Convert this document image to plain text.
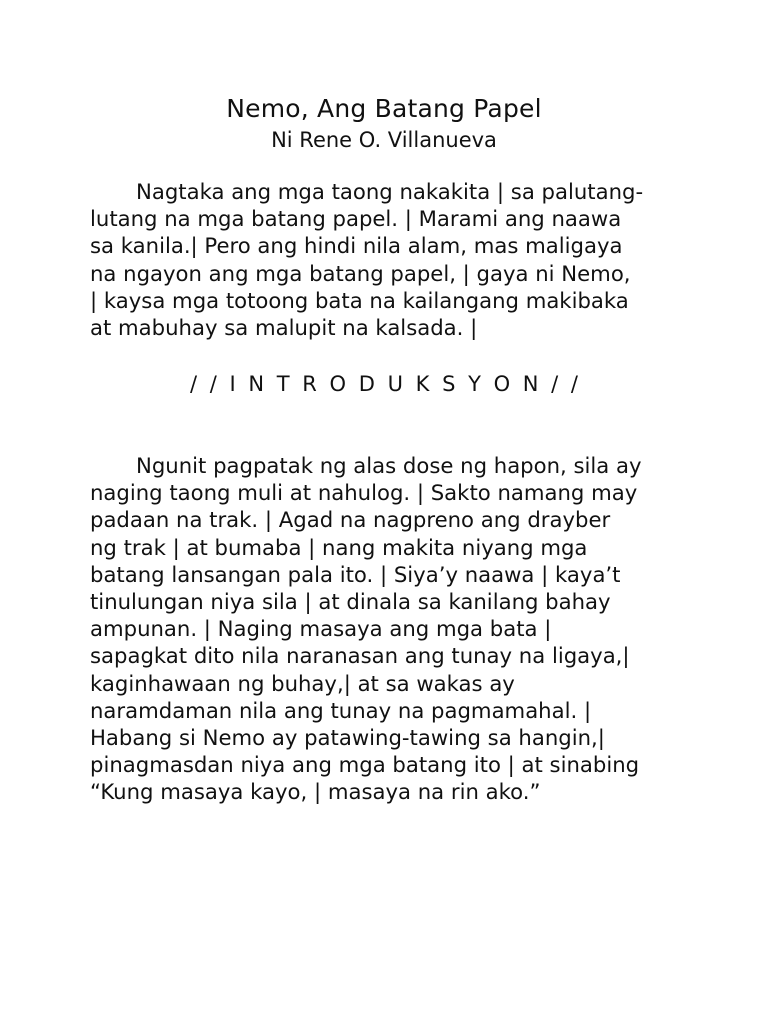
Nemo, Ang Batang Papel
Ni Rene O. Villanueva
Nagtaka ang mga taong nakakita | sa palutang-
lutang na mga batang papel. | Marami ang naawa
sa kanila.| Pero ang hindi nila alam, mas maligaya
na ngayon ang mga batang papel, | gaya ni Nemo,
| kaysa mga totoong bata na kailangang makibaka
at mabuhay sa malupit na kalsada. |
/ / I N T R O D U K S Y O N / /
Ngunit pagpatak ng alas dose ng hapon, sila ay
naging taong muli at nahulog. | Sakto namang may
padaan na trak. | Agad na nagpreno ang drayber
ng trak | at bumaba | nang makita niyang mga
batang lansangan pala ito. | Siya’y naawa | kaya’t
tinulungan niya sila | at dinala sa kanilang bahay
ampunan. | Naging masaya ang mga bata |
sapagkat dito nila naranasan ang tunay na ligaya,|
kaginhawaan ng buhay,| at sa wakas ay
naramdaman nila ang tunay na pagmamahal. |
Habang si Nemo ay patawing-tawing sa hangin,|
pinagmasdan niya ang mga batang ito | at sinabing
“Kung masaya kayo, | masaya na rin ako.”
